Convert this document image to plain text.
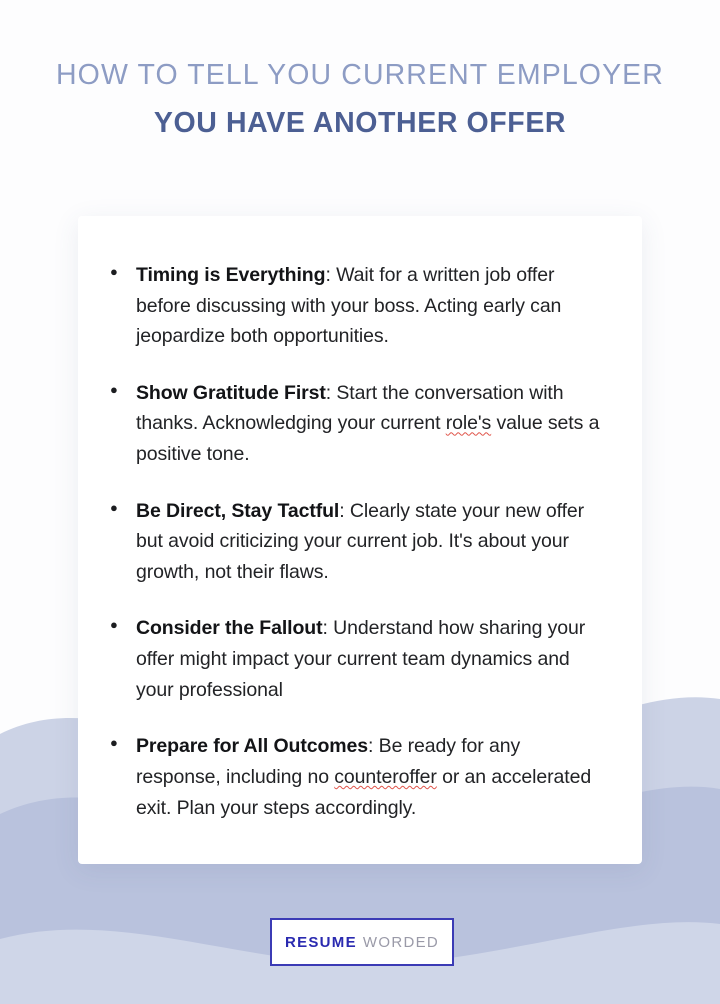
HOW TO TELL YOU CURRENT EMPLOYER
YOU HAVE ANOTHER OFFER
● Timing is Everything: Wait for a written job offer before discussing with your boss. Acting early can jeopardize both opportunities.
● Show Gratitude First: Start the conversation with thanks. Acknowledging your current role's value sets a positive tone.
● Be Direct, Stay Tactful: Clearly state your new offer but avoid criticizing your current job. It's about your growth, not their flaws.
● Consider the Fallout: Understand how sharing your offer might impact your current team dynamics and your professional
● Prepare for All Outcomes: Be ready for any response, including no counteroffer or an accelerated exit. Plan your steps accordingly.
RESUME WORDED
